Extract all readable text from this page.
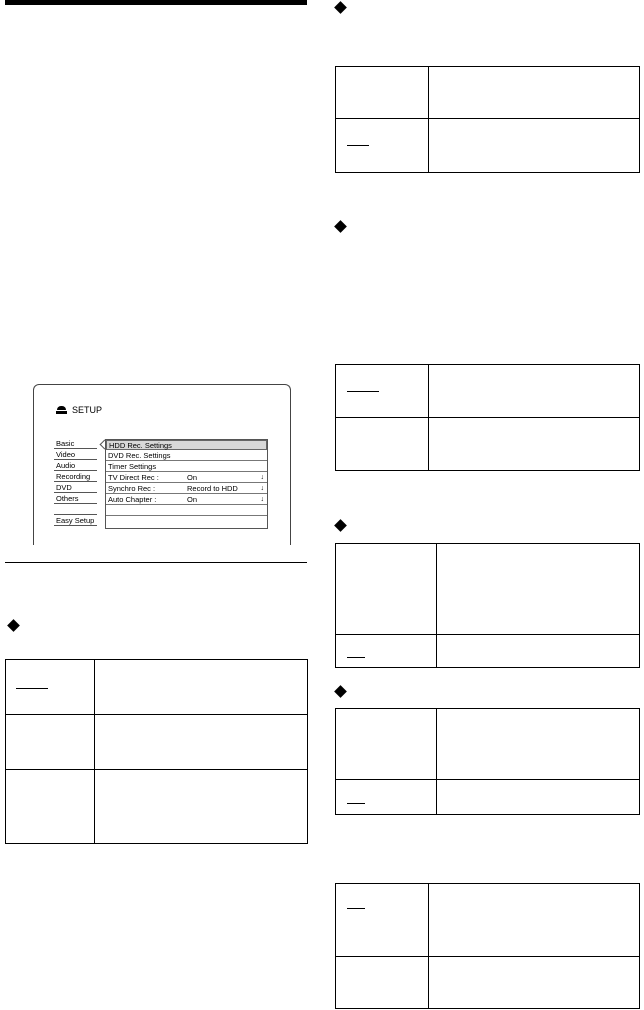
SETUP
Basic
Video
Audio
Recording
DVD
Others
Easy Setup
HDD Rec. Settings
DVD Rec. Settings
Timer Settings
TV Direct Rec :	On	↓
Synchro Rec :	Record to HDD	↓
Auto Chapter :	On	↓
